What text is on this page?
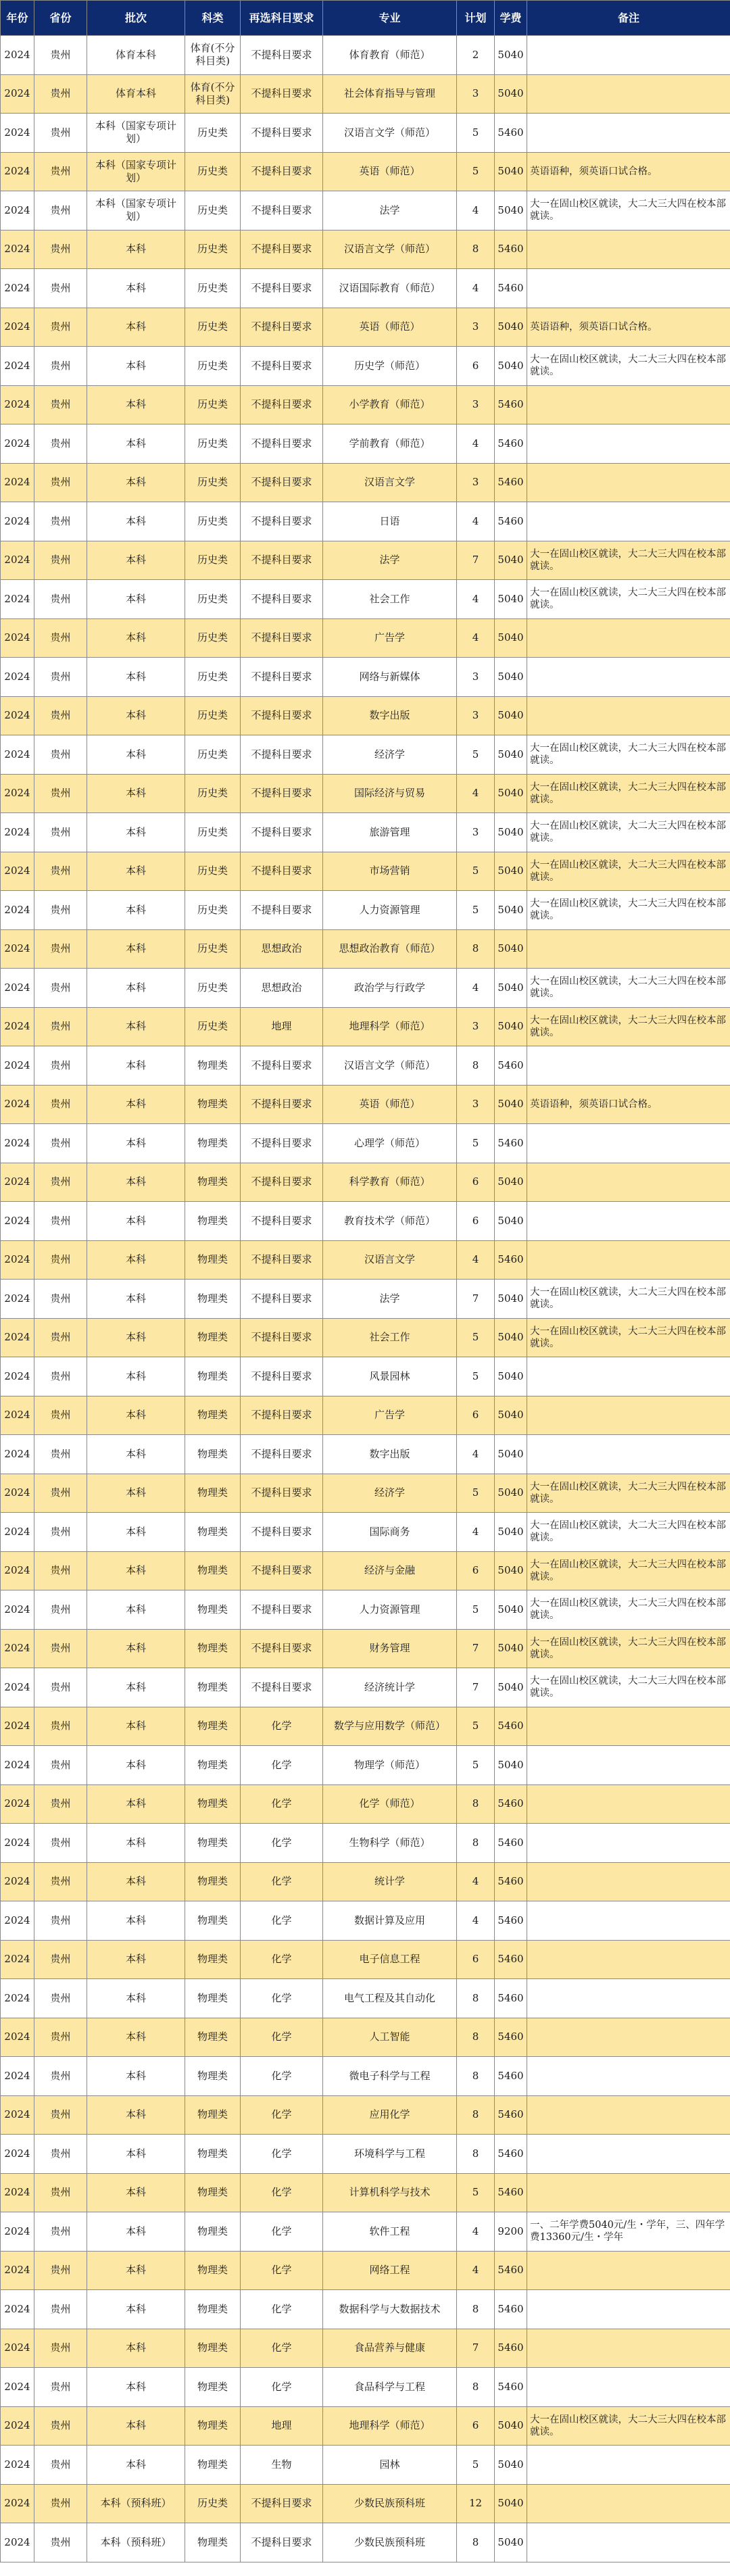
年份	省份	批次	科类	再选科目要求	专业	计划	学费	备注
2024	贵州	体育本科	体育(不分科目类)	不提科目要求	体育教育（师范）	2	5040	
2024	贵州	体育本科	体育(不分科目类)	不提科目要求	社会体育指导与管理	3	5040	
2024	贵州	本科（国家专项计划）	历史类	不提科目要求	汉语言文学（师范）	5	5460	
2024	贵州	本科（国家专项计划）	历史类	不提科目要求	英语（师范）	5	5040	英语语种，须英语口试合格。
2024	贵州	本科（国家专项计划）	历史类	不提科目要求	法学	4	5040	大一在固山校区就读，大二大三大四在校本部就读。
2024	贵州	本科	历史类	不提科目要求	汉语言文学（师范）	8	5460	
2024	贵州	本科	历史类	不提科目要求	汉语国际教育（师范）	4	5460	
2024	贵州	本科	历史类	不提科目要求	英语（师范）	3	5040	英语语种，须英语口试合格。
2024	贵州	本科	历史类	不提科目要求	历史学（师范）	6	5040	大一在固山校区就读，大二大三大四在校本部就读。
2024	贵州	本科	历史类	不提科目要求	小学教育（师范）	3	5460	
2024	贵州	本科	历史类	不提科目要求	学前教育（师范）	4	5460	
2024	贵州	本科	历史类	不提科目要求	汉语言文学	3	5460	
2024	贵州	本科	历史类	不提科目要求	日语	4	5460	
2024	贵州	本科	历史类	不提科目要求	法学	7	5040	大一在固山校区就读，大二大三大四在校本部就读。
2024	贵州	本科	历史类	不提科目要求	社会工作	4	5040	大一在固山校区就读，大二大三大四在校本部就读。
2024	贵州	本科	历史类	不提科目要求	广告学	4	5040	
2024	贵州	本科	历史类	不提科目要求	网络与新媒体	3	5040	
2024	贵州	本科	历史类	不提科目要求	数字出版	3	5040	
2024	贵州	本科	历史类	不提科目要求	经济学	5	5040	大一在固山校区就读，大二大三大四在校本部就读。
2024	贵州	本科	历史类	不提科目要求	国际经济与贸易	4	5040	大一在固山校区就读，大二大三大四在校本部就读。
2024	贵州	本科	历史类	不提科目要求	旅游管理	3	5040	大一在固山校区就读，大二大三大四在校本部就读。
2024	贵州	本科	历史类	不提科目要求	市场营销	5	5040	大一在固山校区就读，大二大三大四在校本部就读。
2024	贵州	本科	历史类	不提科目要求	人力资源管理	5	5040	大一在固山校区就读，大二大三大四在校本部就读。
2024	贵州	本科	历史类	思想政治	思想政治教育（师范）	8	5040	
2024	贵州	本科	历史类	思想政治	政治学与行政学	4	5040	大一在固山校区就读，大二大三大四在校本部就读。
2024	贵州	本科	历史类	地理	地理科学（师范）	3	5040	大一在固山校区就读，大二大三大四在校本部就读。
2024	贵州	本科	物理类	不提科目要求	汉语言文学（师范）	8	5460	
2024	贵州	本科	物理类	不提科目要求	英语（师范）	3	5040	英语语种，须英语口试合格。
2024	贵州	本科	物理类	不提科目要求	心理学（师范）	5	5460	
2024	贵州	本科	物理类	不提科目要求	科学教育（师范）	6	5040	
2024	贵州	本科	物理类	不提科目要求	教育技术学（师范）	6	5040	
2024	贵州	本科	物理类	不提科目要求	汉语言文学	4	5460	
2024	贵州	本科	物理类	不提科目要求	法学	7	5040	大一在固山校区就读，大二大三大四在校本部就读。
2024	贵州	本科	物理类	不提科目要求	社会工作	5	5040	大一在固山校区就读，大二大三大四在校本部就读。
2024	贵州	本科	物理类	不提科目要求	风景园林	5	5040	
2024	贵州	本科	物理类	不提科目要求	广告学	6	5040	
2024	贵州	本科	物理类	不提科目要求	数字出版	4	5040	
2024	贵州	本科	物理类	不提科目要求	经济学	5	5040	大一在固山校区就读，大二大三大四在校本部就读。
2024	贵州	本科	物理类	不提科目要求	国际商务	4	5040	大一在固山校区就读，大二大三大四在校本部就读。
2024	贵州	本科	物理类	不提科目要求	经济与金融	6	5040	大一在固山校区就读，大二大三大四在校本部就读。
2024	贵州	本科	物理类	不提科目要求	人力资源管理	5	5040	大一在固山校区就读，大二大三大四在校本部就读。
2024	贵州	本科	物理类	不提科目要求	财务管理	7	5040	大一在固山校区就读，大二大三大四在校本部就读。
2024	贵州	本科	物理类	不提科目要求	经济统计学	7	5040	大一在固山校区就读，大二大三大四在校本部就读。
2024	贵州	本科	物理类	化学	数学与应用数学（师范）	5	5460	
2024	贵州	本科	物理类	化学	物理学（师范）	5	5040	
2024	贵州	本科	物理类	化学	化学（师范）	8	5460	
2024	贵州	本科	物理类	化学	生物科学（师范）	8	5460	
2024	贵州	本科	物理类	化学	统计学	4	5460	
2024	贵州	本科	物理类	化学	数据计算及应用	4	5460	
2024	贵州	本科	物理类	化学	电子信息工程	6	5460	
2024	贵州	本科	物理类	化学	电气工程及其自动化	8	5460	
2024	贵州	本科	物理类	化学	人工智能	8	5460	
2024	贵州	本科	物理类	化学	微电子科学与工程	8	5460	
2024	贵州	本科	物理类	化学	应用化学	8	5460	
2024	贵州	本科	物理类	化学	环境科学与工程	8	5460	
2024	贵州	本科	物理类	化学	计算机科学与技术	5	5460	
2024	贵州	本科	物理类	化学	软件工程	4	9200	一、二年学费5040元/生・学年，三、四年学费13360元/生・学年
2024	贵州	本科	物理类	化学	网络工程	4	5460	
2024	贵州	本科	物理类	化学	数据科学与大数据技术	8	5460	
2024	贵州	本科	物理类	化学	食品营养与健康	7	5460	
2024	贵州	本科	物理类	化学	食品科学与工程	8	5460	
2024	贵州	本科	物理类	地理	地理科学（师范）	6	5040	大一在固山校区就读，大二大三大四在校本部就读。
2024	贵州	本科	物理类	生物	园林	5	5040	
2024	贵州	本科（预科班）	历史类	不提科目要求	少数民族预科班	12	5040	
2024	贵州	本科（预科班）	物理类	不提科目要求	少数民族预科班	8	5040	
